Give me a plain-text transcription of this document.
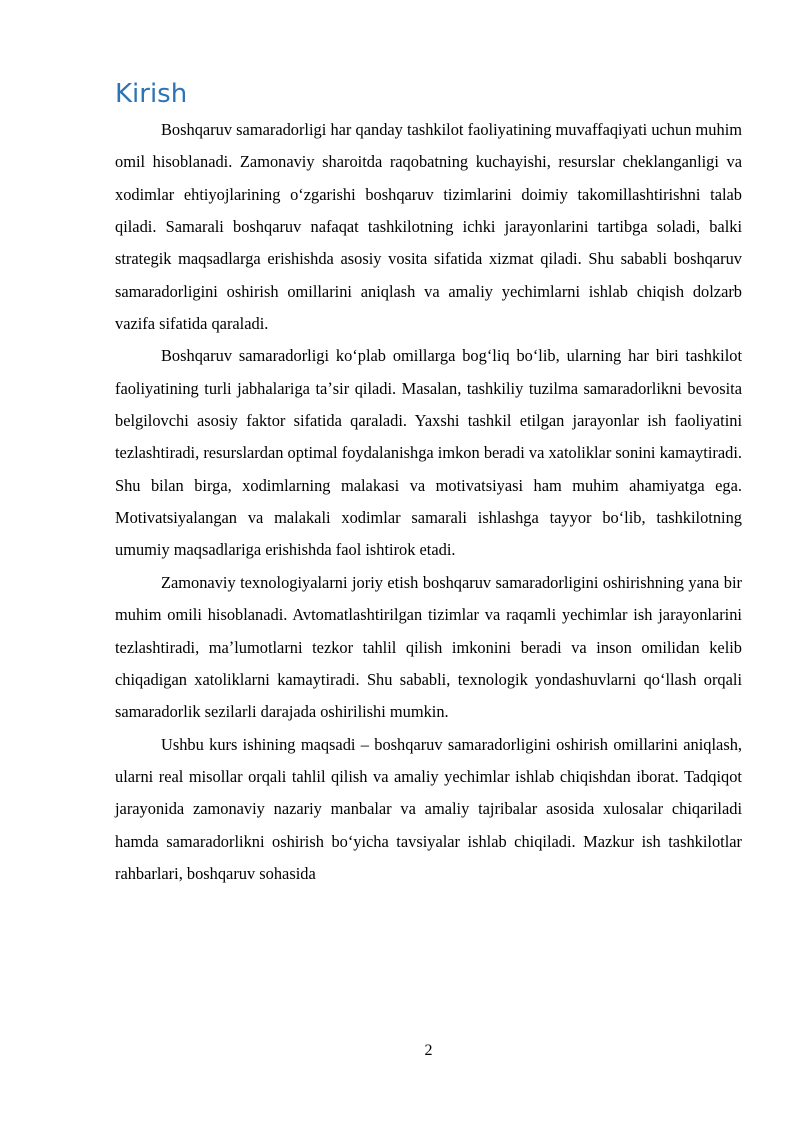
Kirish

Boshqaruv samaradorligi har qanday tashkilot faoliyatining muvaffaqiyati uchun muhim omil hisoblanadi. Zamonaviy sharoitda raqobatning kuchayishi, resurslar cheklanganligi va xodimlar ehtiyojlarining oʻzgarishi boshqaruv tizimlarini doimiy takomillashtirishni talab qiladi. Samarali boshqaruv nafaqat tashkilotning ichki jarayonlarini tartibga soladi, balki strategik maqsadlarga erishishda asosiy vosita sifatida xizmat qiladi. Shu sababli boshqaruv samaradorligini oshirish omillarini aniqlash va amaliy yechimlarni ishlab chiqish dolzarb vazifa sifatida qaraladi.

Boshqaruv samaradorligi koʻplab omillarga bogʻliq boʻlib, ularning har biri tashkilot faoliyatining turli jabhalariga taʼsir qiladi. Masalan, tashkiliy tuzilma samaradorlikni bevosita belgilovchi asosiy faktor sifatida qaraladi. Yaxshi tashkil etilgan jarayonlar ish faoliyatini tezlashtiradi, resurslardan optimal foydalanishga imkon beradi va xatoliklar sonini kamaytiradi. Shu bilan birga, xodimlarning malakasi va motivatsiyasi ham muhim ahamiyatga ega. Motivatsiyalangan va malakali xodimlar samarali ishlashga tayyor boʻlib, tashkilotning umumiy maqsadlariga erishishda faol ishtirok etadi.

Zamonaviy texnologiyalarni joriy etish boshqaruv samaradorligini oshirishning yana bir muhim omili hisoblanadi. Avtomatlashtirilgan tizimlar va raqamli yechimlar ish jarayonlarini tezlashtiradi, maʼlumotlarni tezkor tahlil qilish imkonini beradi va inson omilidan kelib chiqadigan xatoliklarni kamaytiradi. Shu sababli, texnologik yondashuvlarni qoʻllash orqali samaradorlik sezilarli darajada oshirilishi mumkin.

Ushbu kurs ishining maqsadi – boshqaruv samaradorligini oshirish omillarini aniqlash, ularni real misollar orqali tahlil qilish va amaliy yechimlar ishlab chiqishdan iborat. Tadqiqot jarayonida zamonaviy nazariy manbalar va amaliy tajribalar asosida xulosalar chiqariladi hamda samaradorlikni oshirish boʻyicha tavsiyalar ishlab chiqiladi. Mazkur ish tashkilotlar rahbarlari, boshqaruv sohasida

2
